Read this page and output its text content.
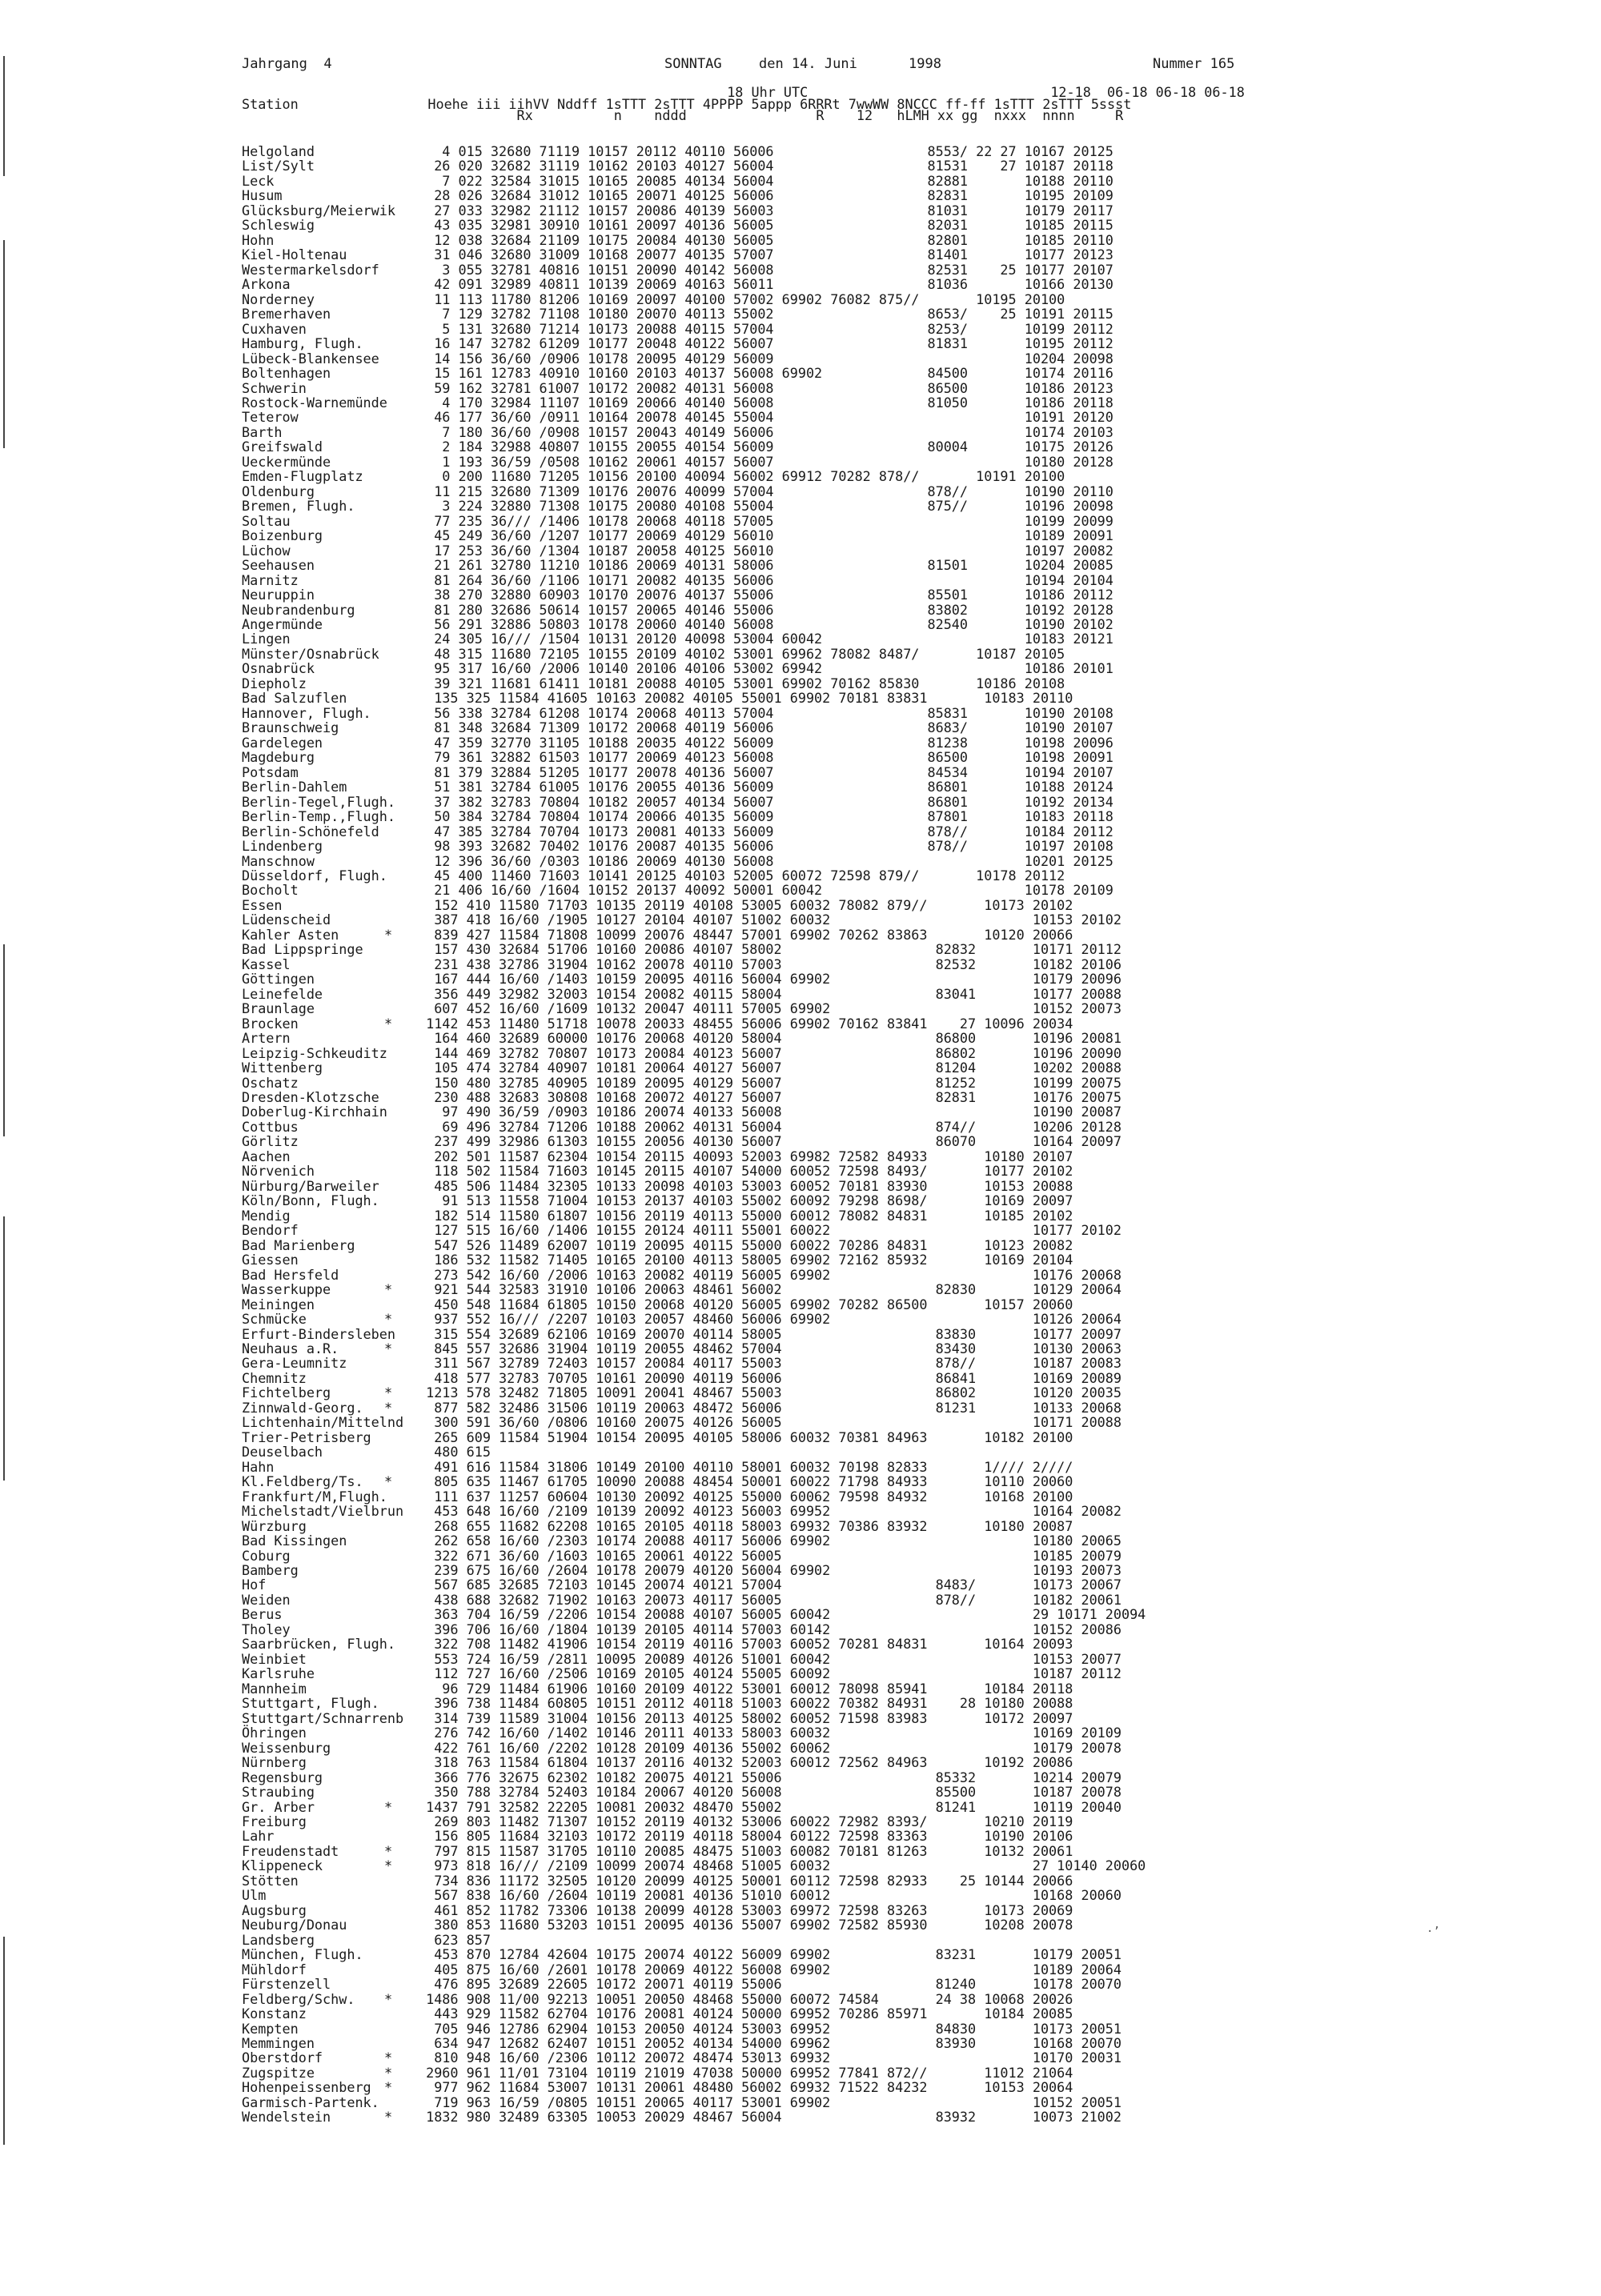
·’
Jahrgang  4	SONNTAG	den 14. Juni	1998	Nummer 165
18 Uhr UTC                              12-18  06-18 06-18 06-18
Station                Hoehe iii iihVV Nddff 1sTTT 2sTTT 4PPPP 5appp 6RRRt 7wwWW 8NCCC ff-ff 1sTTT 2sTTT 5ssst
Rx          n    nddd                R    12   hLMH xx gg  nxxx  nnnn     R
Helgoland	4 015 32680 71119 10157 20112 40110 56006                   8553/ 22 27 10167 20125
List/Sylt	26 020 32682 31119 10162 20103 40127 56004                   81531    27 10187 20118
Leck	7 022 32584 31015 10165 20085 40134 56004                   82881       10188 20110
Husum	28 026 32684 31012 10165 20071 40125 56006                   82831       10195 20109
Glücksburg/Meierwik 27 033 32982 21112 10157 20086 40139 56003                   81031       10179 20117
Schleswig	43 035 32981 30910 10161 20097 40136 56005                   82031       10185 20115
Hohn	12 038 32684 21109 10175 20084 40130 56005                   82801       10185 20110
Kiel-Holtenau	31 046 32680 31009 10168 20077 40135 57007                   81401       10177 20123
Westermarkelsdorf	3 055 32781 40816 10151 20090 40142 56008                   82531    25 10177 20107
Arkona	42 091 32989 40811 10139 20069 40163 56011                   81036       10166 20130
Norderney	11 113 11780 81206 10169 20097 40100 57002 69902 76082 875//       10195 20100
Bremerhaven	7 129 32782 71108 10180 20070 40113 55002                   8653/    25 10191 20115
Cuxhaven	5 131 32680 71214 10173 20088 40115 57004                   8253/       10199 20112
Hamburg, Flugh.	16 147 32782 61209 10177 20048 40122 56007                   81831       10195 20112
Lübeck-Blankensee	14 156 36/60 /0906 10178 20095 40129 56009                               10204 20098
Boltenhagen	15 161 12783 40910 10160 20103 40137 56008 69902             84500       10174 20116
Schwerin	59 162 32781 61007 10172 20082 40131 56008                   86500       10186 20123
Rostock-Warnemünde 4 170 32984 11107 10169 20066 40140 56008                   81050       10186 20118
Teterow	46 177 36/60 /0911 10164 20078 40145 55004                               10191 20120
Barth	7 180 36/60 /0908 10157 20043 40149 56006                               10174 20103
Greifswald	2 184 32988 40807 10155 20055 40154 56009                   80004       10175 20126
Ueckermünde	1 193 36/59 /0508 10162 20061 40157 56007                               10180 20128
Emden-Flugplatz	0 200 11680 71205 10156 20100 40094 56002 69912 70282 878//       10191 20100
Oldenburg	11 215 32680 71309 10176 20076 40099 57004                   878//       10190 20110
Bremen, Flugh.	3 224 32880 71308 10175 20080 40108 55004                   875//       10196 20098
Soltau	77 235 36/// /1406 10178 20068 40118 57005                               10199 20099
Boizenburg	45 249 36/60 /1207 10177 20069 40129 56010                               10189 20091
Lüchow	17 253 36/60 /1304 10187 20058 40125 56010                               10197 20082
Seehausen	21 261 32780 11210 10186 20069 40131 58006                   81501       10204 20085
Marnitz	81 264 36/60 /1106 10171 20082 40135 56006                               10194 20104
Neuruppin	38 270 32880 60903 10170 20076 40137 55006                   85501       10186 20112
Neubrandenburg	81 280 32686 50614 10157 20065 40146 55006                   83802       10192 20128
Angermünde	56 291 32886 50803 10178 20060 40140 56008                   82540       10190 20102
Lingen	24 305 16/// /1504 10131 20120 40098 53004 60042                         10183 20121
Münster/Osnabrück	48 315 11680 72105 10155 20109 40102 53001 69962 78082 8487/       10187 20105
Osnabrück	95 317 16/60 /2006 10140 20106 40106 53002 69942                         10186 20101
Diepholz	39 321 11681 61411 10181 20088 40105 53001 69902 70162 85830       10186 20108
Bad Salzuflen	135 325 11584 41605 10163 20082 40105 55001 69902 70181 83831       10183 20110
Hannover, Flugh.	56 338 32784 61208 10174 20068 40113 57004                   85831       10190 20108
Braunschweig	81 348 32684 71309 10172 20068 40119 56006                   8683/       10190 20107
Gardelegen	47 359 32770 31105 10188 20035 40122 56009                   81238       10198 20096
Magdeburg	79 361 32882 61503 10177 20069 40123 56008                   86500       10198 20091
Potsdam	81 379 32884 51205 10177 20078 40136 56007                   84534       10194 20107
Berlin-Dahlem	51 381 32784 61005 10176 20055 40136 56009                   86801       10188 20124
Berlin-Tegel,Flugh. 37 382 32783 70804 10182 20057 40134 56007                   86801       10192 20134
Berlin-Temp.,Flugh. 50 384 32784 70804 10174 20066 40135 56009                   87801       10183 20118
Berlin-Schönefeld	47 385 32784 70704 10173 20081 40133 56009                   878//       10184 20112
Lindenberg	98 393 32682 70402 10176 20087 40135 56006                   878//       10197 20108
Manschnow	12 396 36/60 /0303 10186 20069 40130 56008                               10201 20125
Düsseldorf, Flugh. 45 400 11460 71603 10141 20125 40103 52005 60072 72598 879//       10178 20112
Bocholt	21 406 16/60 /1604 10152 20137 40092 50001 60042                         10178 20109
Essen	152 410 11580 71703 10135 20119 40108 53005 60032 78082 879//       10173 20102
Lüdenscheid	387 418 16/60 /1905 10127 20104 40107 51002 60032                         10153 20102
Kahler Asten	* 839 427 11584 71808 10099 20076 48447 57001 69902 70262 83863       10120 20066
Bad Lippspringe	157 430 32684 51706 10160 20086 40107 58002                   82832       10171 20112
Kassel	231 438 32786 31904 10162 20078 40110 57003                   82532       10182 20106
Göttingen	167 444 16/60 /1403 10159 20095 40116 56004 69902                         10179 20096
Leinefelde	356 449 32982 32003 10154 20082 40115 58004                   83041       10177 20088
Braunlage	607 452 16/60 /1609 10132 20047 40111 57005 69902                         10152 20073
Brocken	* 1142 453 11480 51718 10078 20033 48455 56006 69902 70162 83841    27 10096 20034
Artern	164 460 32689 60000 10176 20068 40120 58004                   86800       10196 20081
Leipzig-Schkeuditz 144 469 32782 70807 10173 20084 40123 56007                   86802       10196 20090
Wittenberg	105 474 32784 40907 10181 20064 40127 56007                   81204       10202 20088
Oschatz	150 480 32785 40905 10189 20095 40129 56007                   81252       10199 20075
Dresden-Klotzsche	230 488 32683 30808 10168 20072 40127 56007                   82831       10176 20075
Doberlug-Kirchhain 97 490 36/59 /0903 10186 20074 40133 56008                               10190 20087
Cottbus	69 496 32784 71206 10188 20062 40131 56004                   874//       10206 20128
Görlitz	237 499 32986 61303 10155 20056 40130 56007                   86070       10164 20097
Aachen	202 501 11587 62304 10154 20115 40093 52003 69982 72582 84933       10180 20107
Nörvenich	118 502 11584 71603 10145 20115 40107 54000 60052 72598 8493/       10177 20102
Nürburg/Barweiler	485 506 11484 32305 10133 20098 40103 53003 60052 70181 83930       10153 20088
Köln/Bonn, Flugh.	91 513 11558 71004 10153 20137 40103 55002 60092 79298 8698/       10169 20097
Mendig	182 514 11580 61807 10156 20119 40113 55000 60012 78082 84831       10185 20102
Bendorf	127 515 16/60 /1406 10155 20124 40111 55001 60022                         10177 20102
Bad Marienberg	547 526 11489 62007 10119 20095 40115 55000 60022 70286 84831       10123 20082
Giessen	186 532 11582 71405 10165 20100 40113 58005 69902 72162 85932       10169 20104
Bad Hersfeld	273 542 16/60 /2006 10163 20082 40119 56005 69902                         10176 20068
Wasserkuppe	* 921 544 32583 31910 10106 20063 48461 56002                   82830       10129 20064
Meiningen	450 548 11684 61805 10150 20068 40120 56005 69902 70282 86500       10157 20060
Schmücke	* 937 552 16/// /2207 10103 20057 48460 56006 69902                         10126 20064
Erfurt-Bindersleben 315 554 32689 62106 10169 20070 40114 58005                   83830       10177 20097
Neuhaus a.R.	* 845 557 32686 31904 10119 20055 48462 57004                   83430       10130 20063
Gera-Leumnitz	311 567 32789 72403 10157 20084 40117 55003                   878//       10187 20083
Chemnitz	418 577 32783 70705 10161 20090 40119 56006                   86841       10169 20089
Fichtelberg	* 1213 578 32482 71805 10091 20041 48467 55003                   86802       10120 20035
Zinnwald-Georg. * 877 582 32486 31506 10119 20063 48472 56006                   81231       10133 20068
Lichtenhain/Mittelnd 300 591 36/60 /0806 10160 20075 40126 56005                               10171 20088
Trier-Petrisberg	265 609 11584 51904 10154 20095 40105 58006 60032 70381 84963       10182 20100
Deuselbach	480 615
Hahn	491 616 11584 31806 10149 20100 40110 58001 60032 70198 82833       1//// 2////
Kl.Feldberg/Ts. * 805 635 11467 61705 10090 20088 48454 50001 60022 71798 84933       10110 20060
Frankfurt/M,Flugh. 111 637 11257 60604 10130 20092 40125 55000 60062 79598 84932       10168 20100
Michelstadt/Vielbrun 453 648 16/60 /2109 10139 20092 40123 56003 69952                         10164 20082
Würzburg	268 655 11682 62208 10165 20105 40118 58003 69932 70386 83932       10180 20087
Bad Kissingen	262 658 16/60 /2303 10174 20088 40117 56006 69902                         10180 20065
Coburg	322 671 36/60 /1603 10165 20061 40122 56005                               10185 20079
Bamberg	239 675 16/60 /2604 10178 20079 40120 56004 69902                         10193 20073
Hof	567 685 32685 72103 10145 20074 40121 57004                   8483/       10173 20067
Weiden	438 688 32682 71902 10163 20073 40117 56005                   878//       10182 20061
Berus	363 704 16/59 /2206 10154 20088 40107 56005 60042                         29 10171 20094
Tholey	396 706 16/60 /1804 10139 20105 40114 57003 60142                         10152 20086
Saarbrücken, Flugh. 322 708 11482 41906 10154 20119 40116 57003 60052 70281 84831       10164 20093
Weinbiet	553 724 16/59 /2811 10095 20089 40126 51001 60042                         10153 20077
Karlsruhe	112 727 16/60 /2506 10169 20105 40124 55005 60092                         10187 20112
Mannheim	96 729 11484 61906 10160 20109 40122 53001 60012 78098 85941       10184 20118
Stuttgart, Flugh.	396 738 11484 60805 10151 20112 40118 51003 60022 70382 84931    28 10180 20088
Stuttgart/Schnarrenb 314 739 11589 31004 10156 20113 40125 58002 60052 71598 83983       10172 20097
Öhringen	276 742 16/60 /1402 10146 20111 40133 58003 60032                         10169 20109
Weissenburg	422 761 16/60 /2202 10128 20109 40136 55002 60062                         10179 20078
Nürnberg	318 763 11584 61804 10137 20116 40132 52003 60012 72562 84963       10192 20086
Regensburg	366 776 32675 62302 10182 20075 40121 55006                   85332       10214 20079
Straubing	350 788 32784 52403 10184 20067 40120 56008                   85500       10187 20078
Gr. Arber	* 1437 791 32582 22205 10081 20032 48470 55002                   81241       10119 20040
Freiburg	269 803 11482 71307 10152 20119 40132 53006 60022 72982 8393/       10210 20119
Lahr	156 805 11684 32103 10172 20119 40118 58004 60122 72598 83363       10190 20106
Freudenstadt	* 797 815 11587 31705 10110 20085 48475 51003 60082 70181 81263       10132 20061
Klippeneck	* 973 818 16/// /2109 10099 20074 48468 51005 60032                         27 10140 20060
Stötten	734 836 11172 32505 10120 20099 40125 50001 60112 72598 82933    25 10144 20066
Ulm	567 838 16/60 /2604 10119 20081 40136 51010 60012                         10168 20060
Augsburg	461 852 11782 73306 10138 20099 40128 53003 69972 72598 83263       10173 20069
Neuburg/Donau	380 853 11680 53203 10151 20095 40136 55007 69902 72582 85930       10208 20078
Landsberg	623 857
München, Flugh.	453 870 12784 42604 10175 20074 40122 56009 69902             83231       10179 20051
Mühldorf	405 875 16/60 /2601 10178 20069 40122 56008 69902                         10189 20064
Fürstenzell	476 895 32689 22605 10172 20071 40119 55006                   81240       10178 20070
Feldberg/Schw. * 1486 908 11/00 92213 10051 20050 48468 55000 60072 74584       24 38 10068 20026
Konstanz	443 929 11582 62704 10176 20081 40124 50000 69952 70286 85971       10184 20085
Kempten	705 946 12786 62904 10153 20050 40124 53003 69952             84830       10173 20051
Memmingen	634 947 12682 62407 10151 20052 40134 54000 69962             83930       10168 20070
Oberstdorf	* 810 948 16/60 /2306 10112 20072 48474 53013 69932                         10170 20031
Zugspitze	* 2960 961 11/01 73104 10119 21019 47038 50000 69952 77841 872//       11012 21064
Hohenpeissenberg * 977 962 11684 53007 10131 20061 48480 56002 69932 71522 84232       10153 20064
Garmisch-Partenk.	719 963 16/59 /0805 10151 20065 40117 53001 69902                         10152 20051
Wendelstein	* 1832 980 32489 63305 10053 20029 48467 56004                   83932       10073 21002
